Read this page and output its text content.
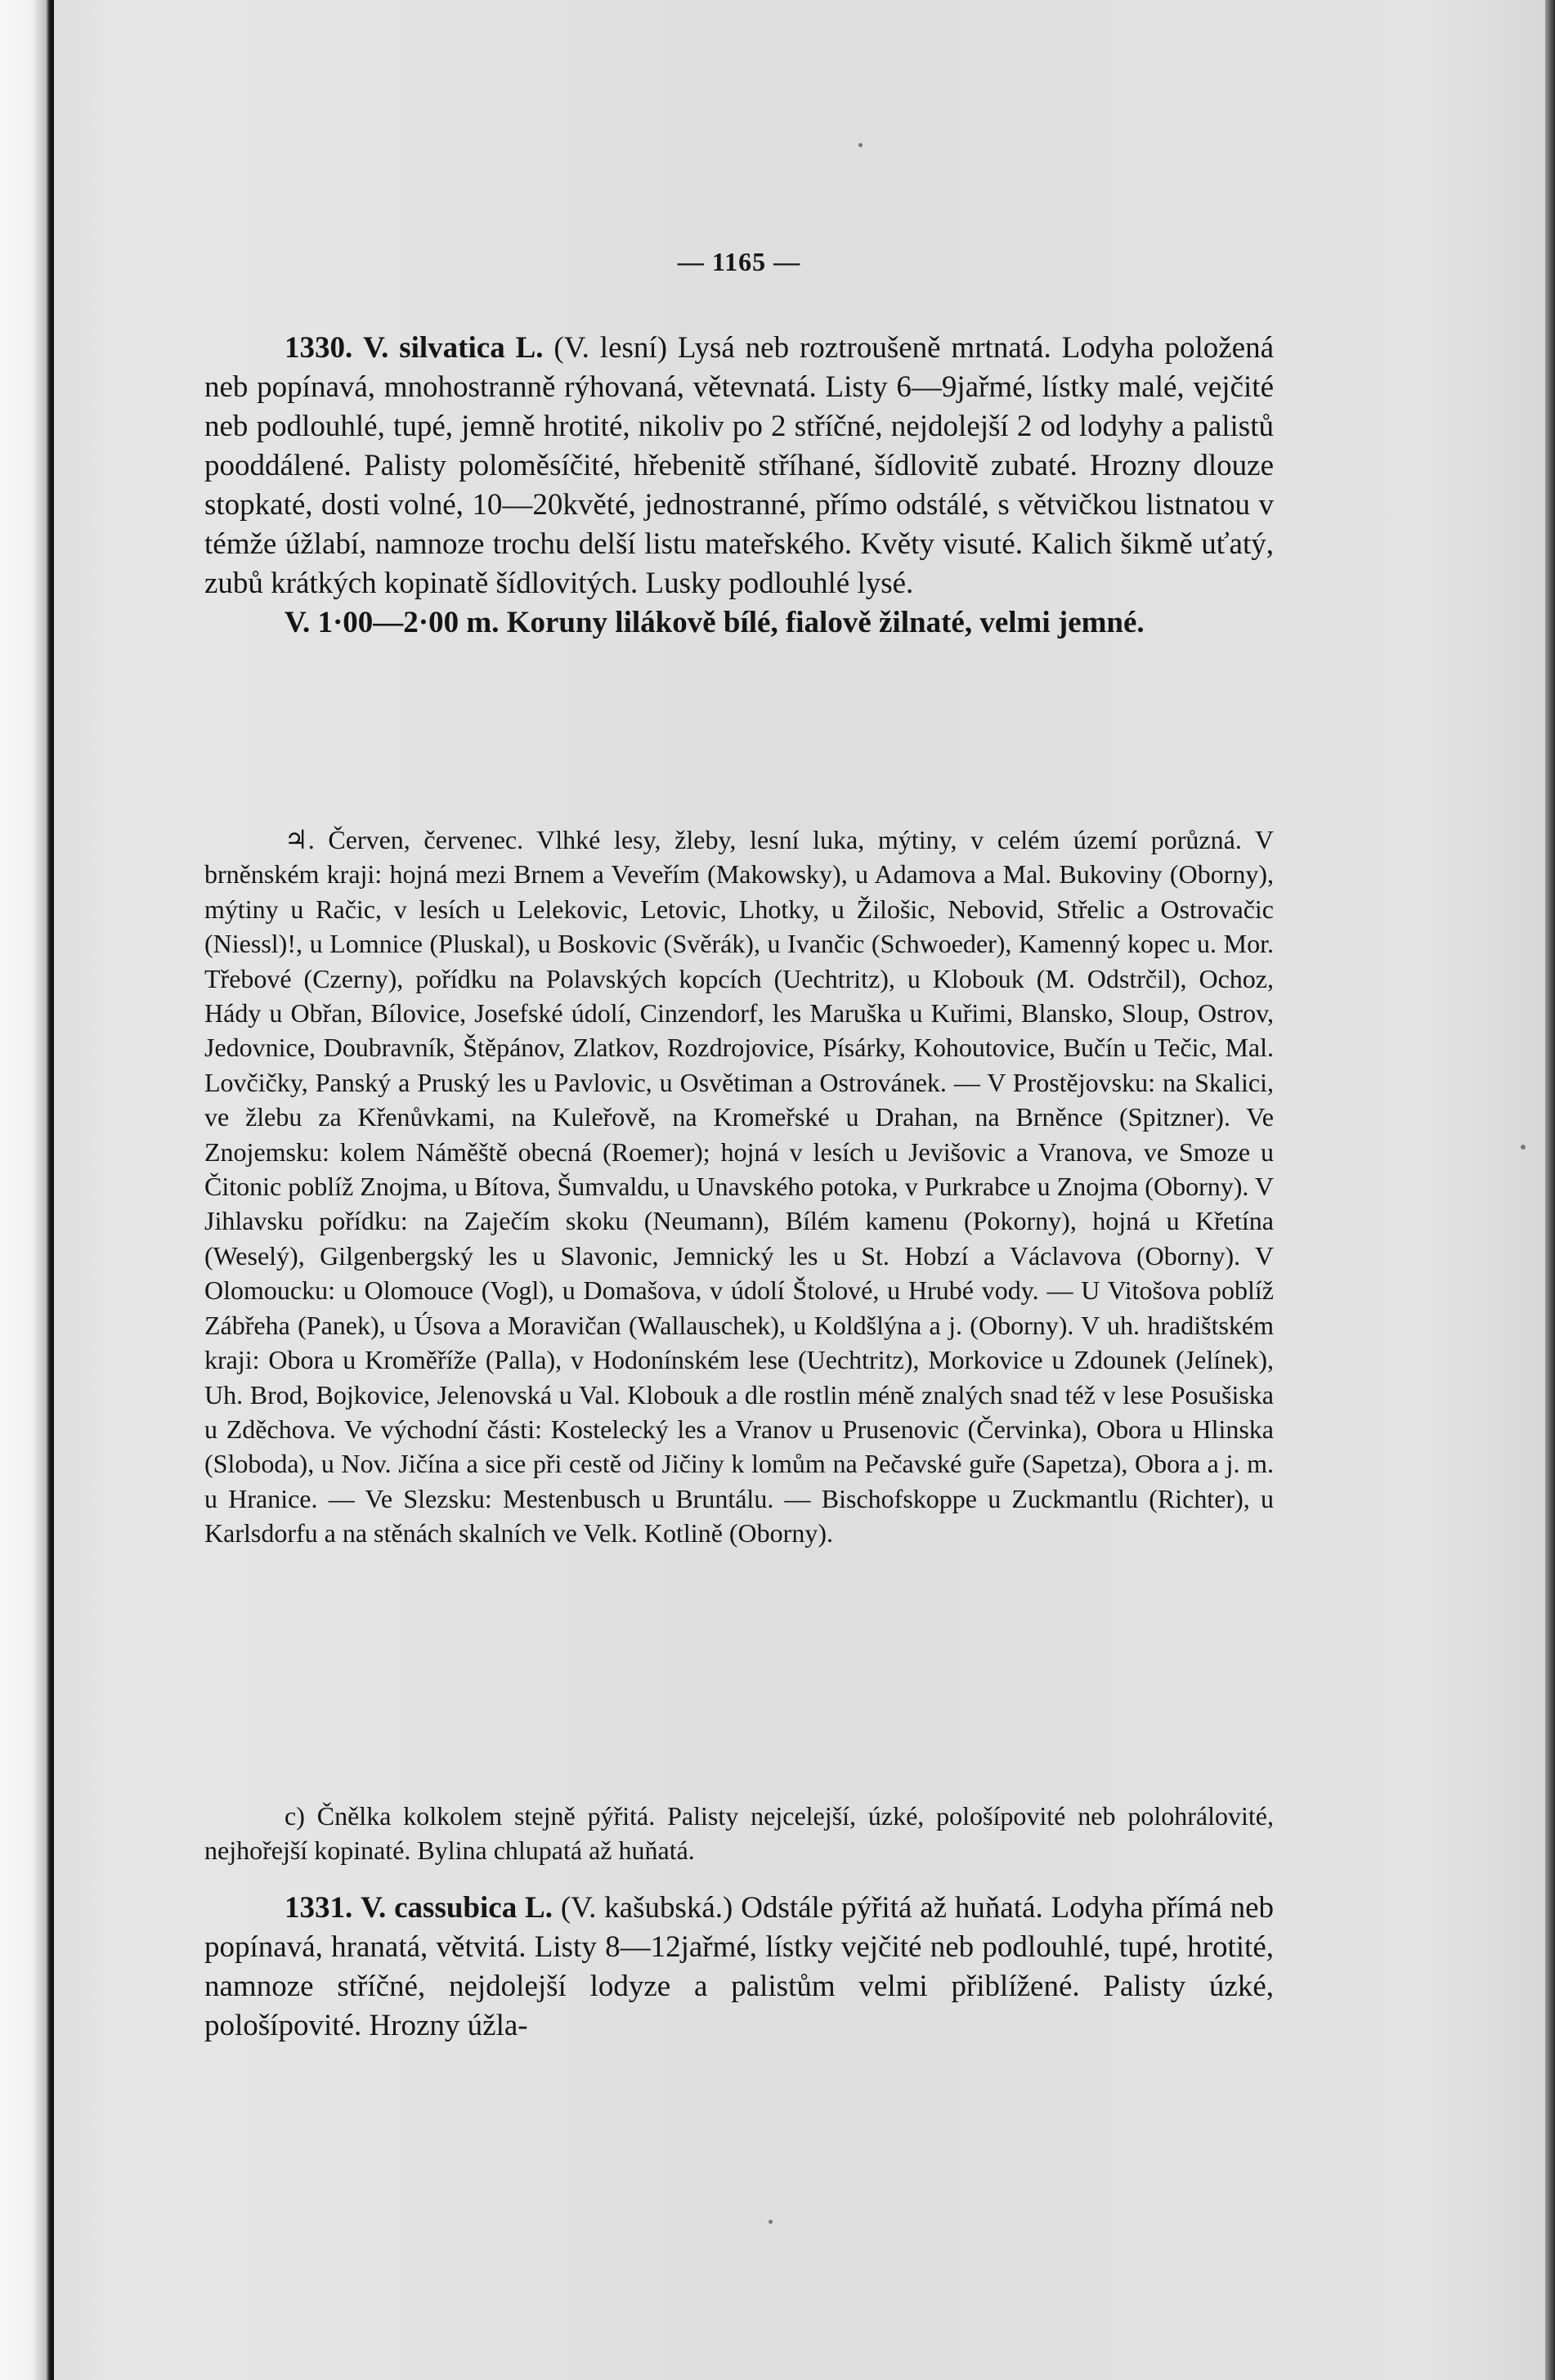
— 1165 —

1330. V. silvatica L. (V. lesní) Lysá neb roztroušeně mrtnatá. Lodyha položená neb popínavá, mnohostranně rýhovaná, větevnatá. Listy 6—9jařmé, lístky malé, vejčité neb podlouhlé, tupé, jemně hrotité, nikoliv po 2 stříčné, nejdolejší 2 od lodyhy a palistů pooddálené. Palisty poloměsíčité, hřebenitě stříhané, šídlovitě zubaté. Hrozny dlouze stopkaté, dosti volné, 10—20květé, jednostranné, přímo odstálé, s větvičkou listnatou v témže úžlabí, namnoze trochu delší listu mateřského. Květy visuté. Kalich šikmě uťatý, zubů krátkých kopinatě šídlovitých. Lusky podlouhlé lysé.

V. 1·00—2·00 m. Koruny lilákově bílé, fialově žilnaté, velmi jemné.

♃. Červen, červenec. Vlhké lesy, žleby, lesní luka, mýtiny, v celém území porůzná. V brněnském kraji: hojná mezi Brnem a Veveřím (Makowsky), u Adamova a Mal. Bukoviny (Oborny), mýtiny u Račic, v lesích u Lelekovic, Letovic, Lhotky, u Žilošic, Nebovid, Střelic a Ostrovačic (Niessl)!, u Lomnice (Pluskal), u Boskovic (Svěrák), u Ivančic (Schwoeder), Kamenný kopec u. Mor. Třebové (Czerny), pořídku na Polavských kopcích (Uechtritz), u Klobouk (M. Odstrčil), Ochoz, Hády u Obřan, Bílovice, Josefské údolí, Cinzendorf, les Maruška u Kuřimi, Blansko, Sloup, Ostrov, Jedovnice, Doubravník, Štěpánov, Zlatkov, Rozdrojovice, Písárky, Kohoutovice, Bučín u Tečic, Mal. Lovčičky, Panský a Pruský les u Pavlovic, u Osvětiman a Ostrovánek. — V Prostějovsku: na Skalici, ve žlebu za Křenůvkami, na Kuleřově, na Kromeřské u Drahan, na Brněnce (Spitzner). Ve Znojemsku: kolem Náměště obecná (Roemer); hojná v lesích u Jevišovic a Vranova, ve Smoze u Čitonic poblíž Znojma, u Bítova, Šumvaldu, u Unavského potoka, v Purkrabce u Znojma (Oborny). V Jihlavsku pořídku: na Zaječím skoku (Neumann), Bílém kamenu (Pokorny), hojná u Křetína (Weselý), Gilgenbergský les u Slavonic, Jemnický les u St. Hobzí a Václavova (Oborny). V Olomoucku: u Olomouce (Vogl), u Domašova, v údolí Štolové, u Hrubé vody. — U Vitošova poblíž Zábřeha (Panek), u Úsova a Moravičan (Wallauschek), u Koldšlýna a j. (Oborny). V uh. hradištském kraji: Obora u Kroměříže (Palla), v Hodonínském lese (Uechtritz), Morkovice u Zdounek (Jelínek), Uh. Brod, Bojkovice, Jelenovská u Val. Klobouk a dle rostlin méně znalých snad též v lese Posušiska u Zděchova. Ve východní části: Kostelecký les a Vranov u Prusenovic (Červinka), Obora u Hlinska (Sloboda), u Nov. Jičína a sice při cestě od Jičiny k lomům na Pečavské guře (Sapetza), Obora a j. m. u Hranice. — Ve Slezsku: Mestenbusch u Bruntálu. — Bischofskoppe u Zuckmantlu (Richter), u Karlsdorfu a na stěnách skalních ve Velk. Kotlině (Oborny).

c) Čnělka kolkolem stejně pýřitá. Palisty nejcelejší, úzké, pološípovité neb polohrálovité, nejhořejší kopinaté. Bylina chlupatá až huňatá.

1331. V. cassubica L. (V. kašubská.) Odstále pýřitá až huňatá. Lodyha přímá neb popínavá, hranatá, větvitá. Listy 8—12jařmé, lístky vejčité neb podlouhlé, tupé, hrotité, namnoze stříčné, nejdolejší lodyze a palistům velmi přiblížené. Palisty úzké, pološípovité. Hrozny úžla-
